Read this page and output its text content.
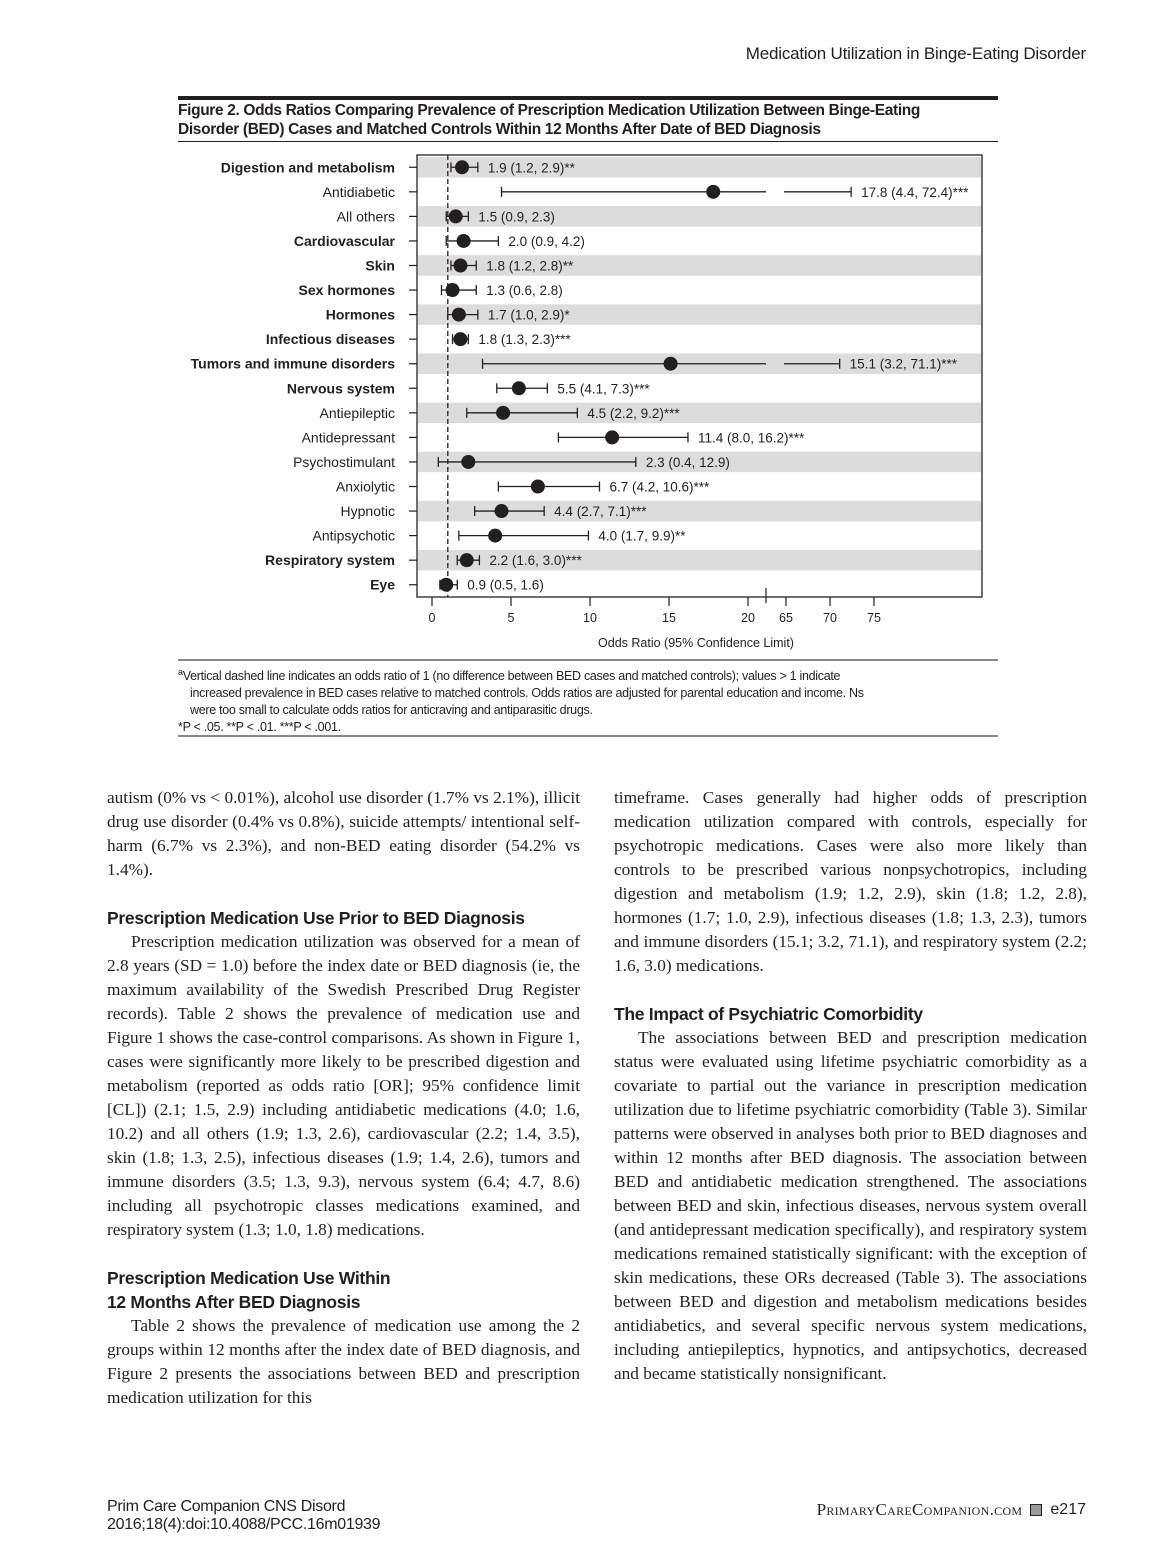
Medication Utilization in Binge-Eating Disorder
Figure 2. Odds Ratios Comparing Prevalence of Prescription Medication Utilization Between Binge-Eating
Disorder (BED) Cases and Matched Controls Within 12 Months After Date of BED Diagnosis
Digestion and metabolism	1.9 (1.2, 2.9)**
Antidiabetic	17.8 (4.4, 72.4)***
All others	1.5 (0.9, 2.3)
Cardiovascular	2.0 (0.9, 4.2)
Skin	1.8 (1.2, 2.8)**
Sex hormones	1.3 (0.6, 2.8)
Hormones	1.7 (1.0, 2.9)*
Infectious diseases	1.8 (1.3, 2.3)***
Tumors and immune disorders	15.1 (3.2, 71.1)***
Nervous system	5.5 (4.1, 7.3)***
Antiepileptic	4.5 (2.2, 9.2)***
Antidepressant	11.4 (8.0, 16.2)***
Psychostimulant	2.3 (0.4, 12.9)
Anxiolytic	6.7 (4.2, 10.6)***
Hypnotic	4.4 (2.7, 7.1)***
Antipsychotic	4.0 (1.7, 9.9)**
Respiratory system	2.2 (1.6, 3.0)***
Eye	0.9 (0.5, 1.6)
0	5	10	15	20 65 70 75
Odds Ratio (95% Confidence Limit)
$^a$Vertical dashed line indicates an odds ratio of 1 (no difference between BED cases and matched controls); values > 1 indicate
increased prevalence in BED cases relative to matched controls. Odds ratios are adjusted for parental education and income. Ns
were too small to calculate odds ratios for anticraving and antiparasitic drugs.
*P < .05. **P < .01. ***P < .001.

autism (0% vs < 0.01%), alcohol use disorder (1.7% vs 2.1%), illicit drug use disorder (0.4% vs 0.8%), suicide attempts/ intentional self-harm (6.7% vs 2.3%), and non-BED eating disorder (54.2% vs 1.4%).

Prescription Medication Use Prior to BED Diagnosis

Prescription medication utilization was observed for a mean of 2.8 years (SD = 1.0) before the index date or BED diagnosis (ie, the maximum availability of the Swedish Prescribed Drug Register records). Table 2 shows the prevalence of medication use and Figure 1 shows the case-control comparisons. As shown in Figure 1, cases were significantly more likely to be prescribed digestion and metabolism (reported as odds ratio [OR]; 95% confidence limit [CL]) (2.1; 1.5, 2.9) including antidiabetic medications (4.0; 1.6, 10.2) and all others (1.9; 1.3, 2.6), cardiovascular (2.2; 1.4, 3.5), skin (1.8; 1.3, 2.5), infectious diseases (1.9; 1.4, 2.6), tumors and immune disorders (3.5; 1.3, 9.3), nervous system (6.4; 4.7, 8.6) including all psychotropic classes medications examined, and respiratory system (1.3; 1.0, 1.8) medications.

Prescription Medication Use Within
12 Months After BED Diagnosis

Table 2 shows the prevalence of medication use among the 2 groups within 12 months after the index date of BED diagnosis, and Figure 2 presents the associations between BED and prescription medication utilization for this

timeframe. Cases generally had higher odds of prescription medication utilization compared with controls, especially for psychotropic medications. Cases were also more likely than controls to be prescribed various nonpsychotropics, including digestion and metabolism (1.9; 1.2, 2.9), skin (1.8; 1.2, 2.8), hormones (1.7; 1.0, 2.9), infectious diseases (1.8; 1.3, 2.3), tumors and immune disorders (15.1; 3.2, 71.1), and respiratory system (2.2; 1.6, 3.0) medications.

The Impact of Psychiatric Comorbidity

The associations between BED and prescription medication status were evaluated using lifetime psychiatric comorbidity as a covariate to partial out the variance in prescription medication utilization due to lifetime psychiatric comorbidity (Table 3). Similar patterns were observed in analyses both prior to BED diagnoses and within 12 months after BED diagnosis. The association between BED and antidiabetic medication strengthened. The associations between BED and skin, infectious diseases, nervous system overall (and antidepressant medication specifically), and respiratory system medications remained statistically significant: with the exception of skin medications, these ORs decreased (Table 3). The associations between BED and digestion and metabolism medications besides antidiabetics, and several specific nervous system medications, including antiepileptics, hypnotics, and antipsychotics, decreased and became statistically nonsignificant.

Prim Care Companion CNS Disord
2016;18(4):doi:10.4088/PCC.16m01939
PrimaryCareCompanion.com e217
